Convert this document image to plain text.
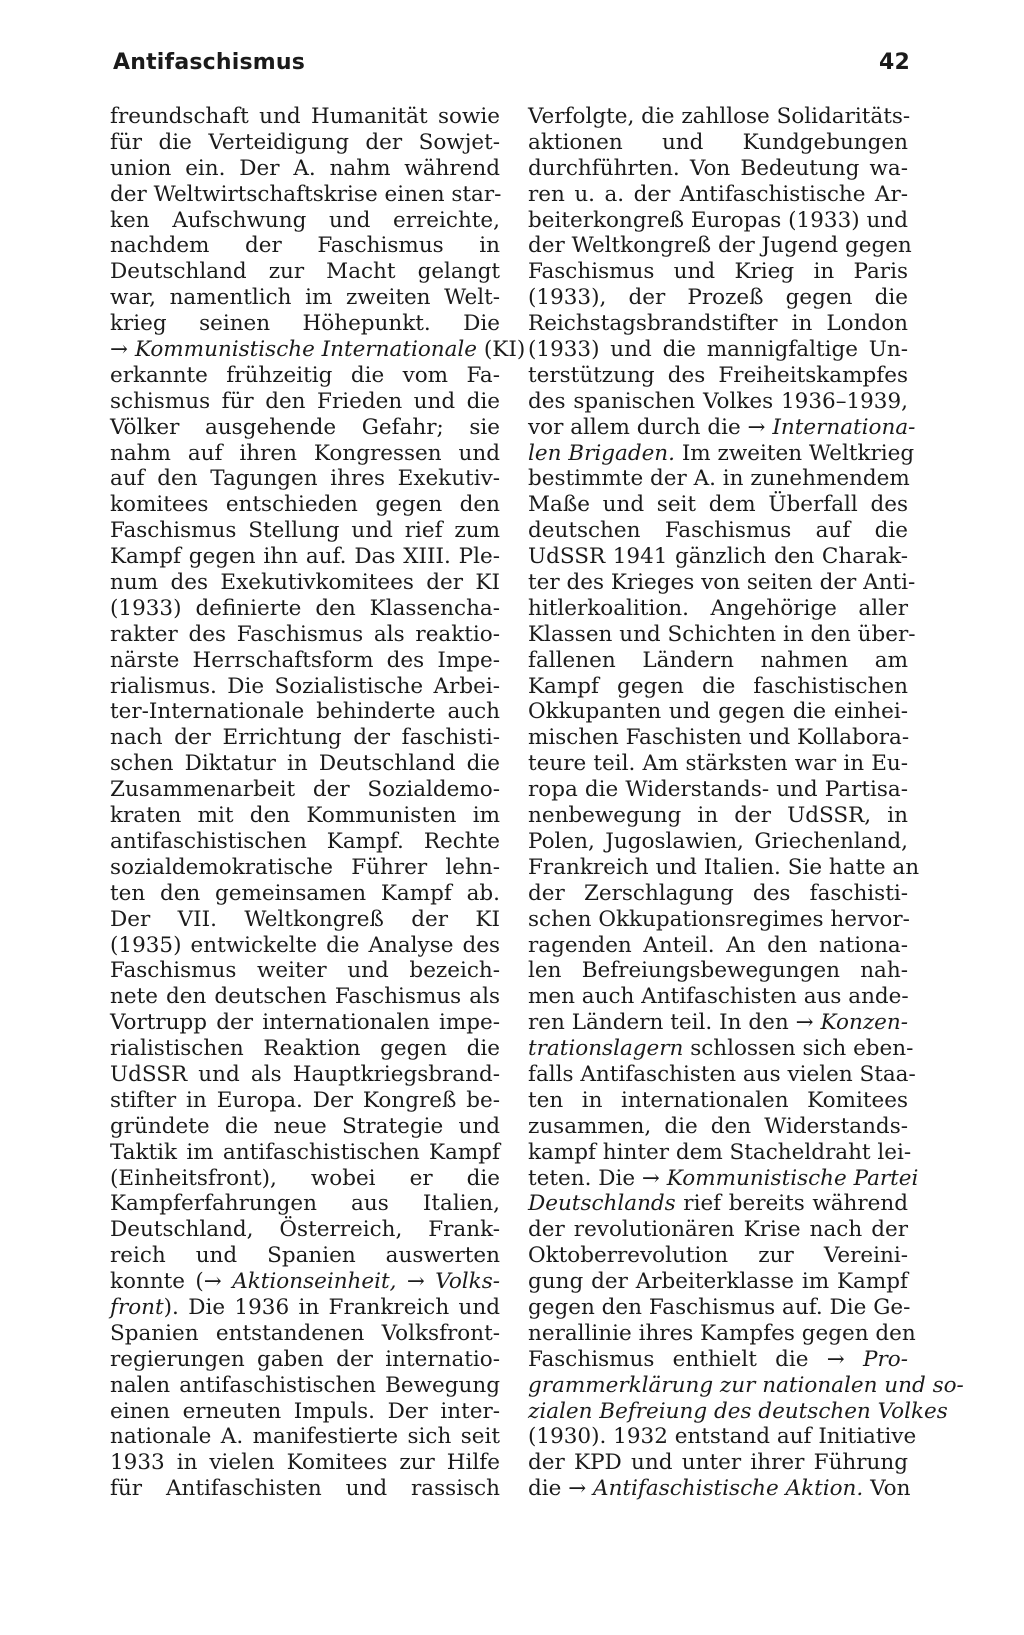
Antifaschismus	42
freundschaft und Humanität sowie
für die Verteidigung der Sowjet-
union ein. Der A. nahm während
der Weltwirtschaftskrise einen star-
ken Aufschwung und erreichte,
nachdem der Faschismus in
Deutschland zur Macht gelangt
war, namentlich im zweiten Welt-
krieg seinen Höhepunkt. Die
→ Kommunistische Internationale (KI)
erkannte frühzeitig die vom Fa-
schismus für den Frieden und die
Völker ausgehende Gefahr; sie
nahm auf ihren Kongressen und
auf den Tagungen ihres Exekutiv-
komitees entschieden gegen den
Faschismus Stellung und rief zum
Kampf gegen ihn auf. Das XIII. Ple-
num des Exekutivkomitees der KI
(1933) definierte den Klassencha-
rakter des Faschismus als reaktio-
närste Herrschaftsform des Impe-
rialismus. Die Sozialistische Arbei-
ter-Internationale behinderte auch
nach der Errichtung der faschisti-
schen Diktatur in Deutschland die
Zusammenarbeit der Sozialdemo-
kraten mit den Kommunisten im
antifaschistischen Kampf. Rechte
sozialdemokratische Führer lehn-
ten den gemeinsamen Kampf ab.
Der VII. Weltkongreß der KI
(1935) entwickelte die Analyse des
Faschismus weiter und bezeich-
nete den deutschen Faschismus als
Vortrupp der internationalen impe-
rialistischen Reaktion gegen die
UdSSR und als Hauptkriegsbrand-
stifter in Europa. Der Kongreß be-
gründete die neue Strategie und
Taktik im antifaschistischen Kampf
(Einheitsfront), wobei er die
Kampferfahrungen aus Italien,
Deutschland, Österreich, Frank-
reich und Spanien auswerten
konnte (→ Aktionseinheit, → Volks-
front). Die 1936 in Frankreich und
Spanien entstandenen Volksfront-
regierungen gaben der internatio-
nalen antifaschistischen Bewegung
einen erneuten Impuls. Der inter-
nationale A. manifestierte sich seit
1933 in vielen Komitees zur Hilfe
für Antifaschisten und rassisch
Verfolgte, die zahllose Solidaritäts-
aktionen und Kundgebungen
durchführten. Von Bedeutung wa-
ren u. a. der Antifaschistische Ar-
beiterkongreß Europas (1933) und
der Weltkongreß der Jugend gegen
Faschismus und Krieg in Paris
(1933), der Prozeß gegen die
Reichstagsbrandstifter in London
(1933) und die mannigfaltige Un-
terstützung des Freiheitskampfes
des spanischen Volkes 1936–1939,
vor allem durch die → Internationa-
len Brigaden. Im zweiten Weltkrieg
bestimmte der A. in zunehmendem
Maße und seit dem Überfall des
deutschen Faschismus auf die
UdSSR 1941 gänzlich den Charak-
ter des Krieges von seiten der Anti-
hitlerkoalition. Angehörige aller
Klassen und Schichten in den über-
fallenen Ländern nahmen am
Kampf gegen die faschistischen
Okkupanten und gegen die einhei-
mischen Faschisten und Kollabora-
teure teil. Am stärksten war in Eu-
ropa die Widerstands- und Partisa-
nenbewegung in der UdSSR, in
Polen, Jugoslawien, Griechenland,
Frankreich und Italien. Sie hatte an
der Zerschlagung des faschisti-
schen Okkupationsregimes hervor-
ragenden Anteil. An den nationa-
len Befreiungsbewegungen nah-
men auch Antifaschisten aus ande-
ren Ländern teil. In den → Konzen-
trationslagern schlossen sich eben-
falls Antifaschisten aus vielen Staa-
ten in internationalen Komitees
zusammen, die den Widerstands-
kampf hinter dem Stacheldraht lei-
teten. Die → Kommunistische Partei
Deutschlands rief bereits während
der revolutionären Krise nach der
Oktoberrevolution zur Vereini-
gung der Arbeiterklasse im Kampf
gegen den Faschismus auf. Die Ge-
nerallinie ihres Kampfes gegen den
Faschismus enthielt die → Pro-
grammerklärung zur nationalen und so-
zialen Befreiung des deutschen Volkes
(1930). 1932 entstand auf Initiative
der KPD und unter ihrer Führung
die → Antifaschistische Aktion. Von
